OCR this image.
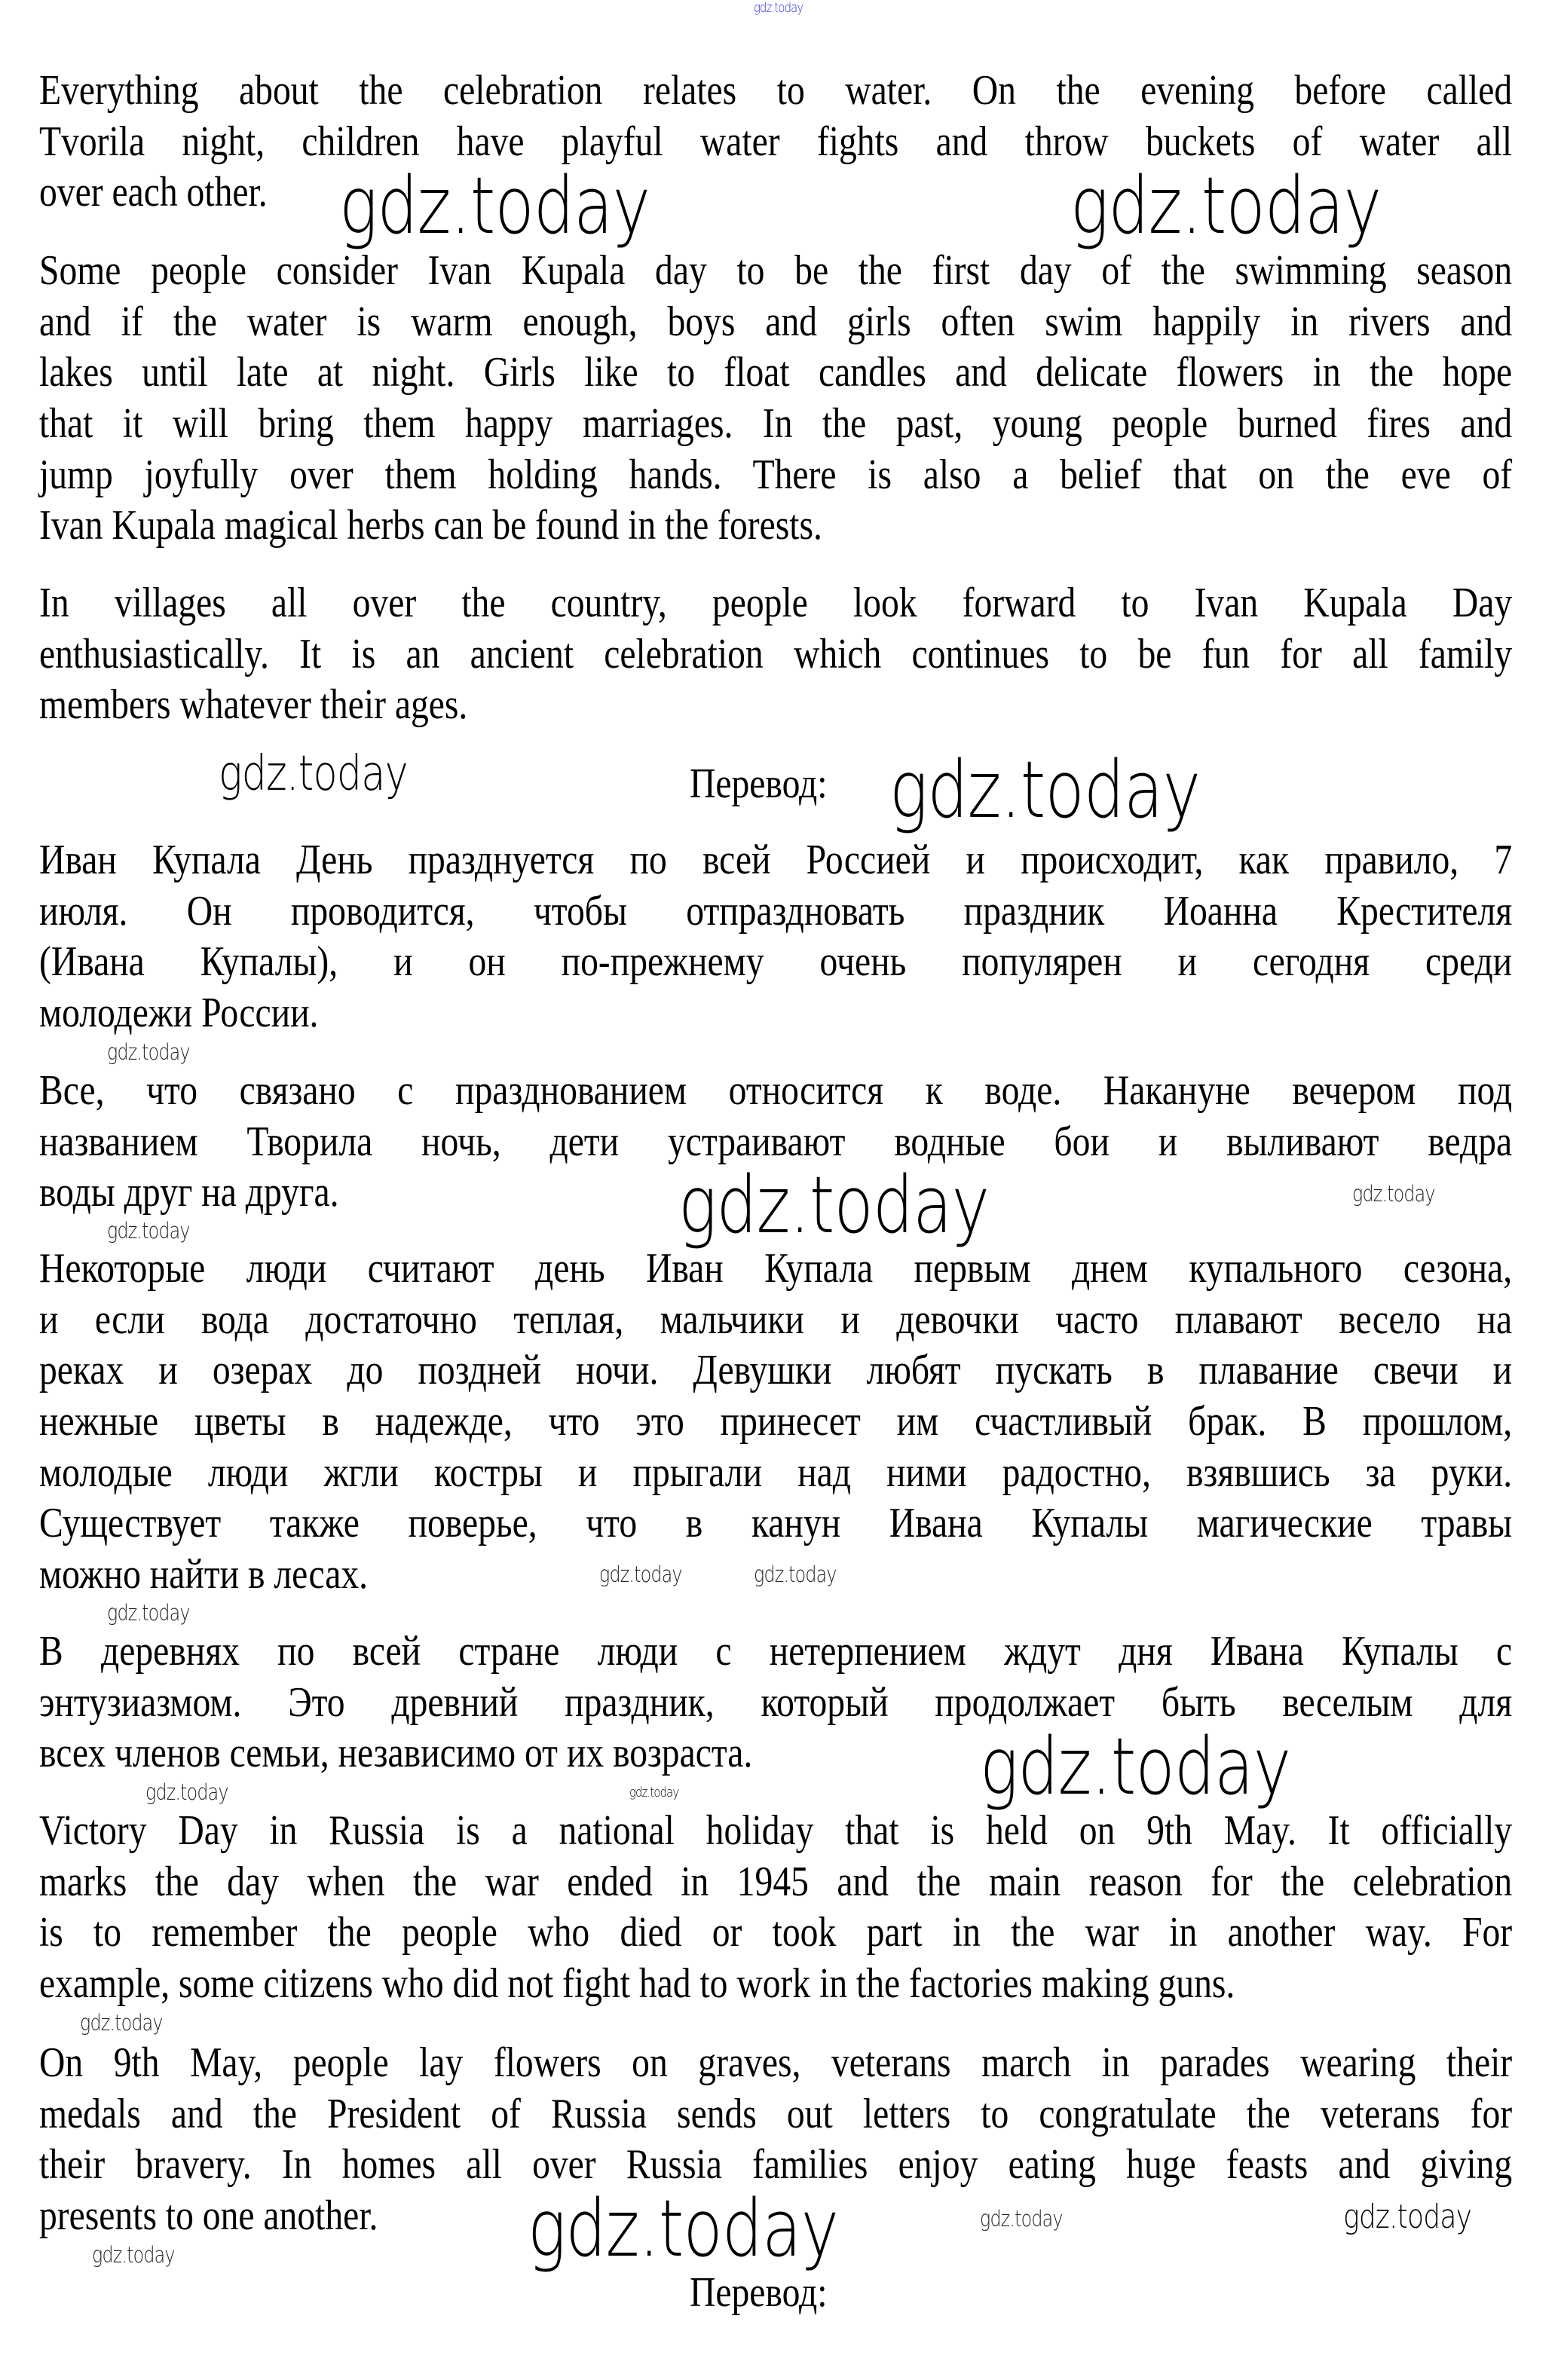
Everything about the celebration relates to water. On the evening before called
Tvorila night, children have playful water fights and throw buckets of water all
over each other.
Some people consider Ivan Kupala day to be the first day of the swimming season
and if the water is warm enough, boys and girls often swim happily in rivers and
lakes until late at night. Girls like to float candles and delicate flowers in the hope
that it will bring them happy marriages. In the past, young people burned fires and
jump joyfully over them holding hands. There is also a belief that on the eve of
Ivan Kupala magical herbs can be found in the forests.
In villages all over the country, people look forward to Ivan Kupala Day
enthusiastically. It is an ancient celebration which continues to be fun for all family
members whatever their ages.
Перевод:
Иван Купала День празднуется по всей Россией и происходит, как правило, 7
июля. Он проводится, чтобы отпраздновать праздник Иоанна Крестителя
(Ивана Купалы), и он по-прежнему очень популярен и сегодня среди
молодежи России.
Все, что связано с празднованием относится к воде. Накануне вечером под
названием Творила ночь, дети устраивают водные бои и выливают ведра
воды друг на друга.
Некоторые люди считают день Иван Купала первым днем купального сезона,
и если вода достаточно теплая, мальчики и девочки часто плавают весело на
реках и озерах до поздней ночи. Девушки любят пускать в плавание свечи и
нежные цветы в надежде, что это принесет им счастливый брак. В прошлом,
молодые люди жгли костры и прыгали над ними радостно, взявшись за руки.
Существует также поверье, что в канун Ивана Купалы магические травы
можно найти в лесах.
В деревнях по всей стране люди с нетерпением ждут дня Ивана Купалы с
энтузиазмом. Это древний праздник, который продолжает быть веселым для
всех членов семьи, независимо от их возраста.
Victory Day in Russia is a national holiday that is held on 9th May. It officially
marks the day when the war ended in 1945 and the main reason for the celebration
is to remember the people who died or took part in the war in another way. For
example, some citizens who did not fight had to work in the factories making guns.
On 9th May, people lay flowers on graves, veterans march in parades wearing their
medals and the President of Russia sends out letters to congratulate the veterans for
their bravery. In homes all over Russia families enjoy eating huge feasts and giving
presents to one another.
Перевод:
gdz.today
gdz.today	gdz.today
gdz.today	gdz.today
gdz.today
gdz.today	gdz.today
gdz.today
gdz.today
gdz.today
gdz.today
gdz.today
gdz.today	gdz.today
gdz.today
gdz.today	gdz.today
gdz.today
gdz.today
